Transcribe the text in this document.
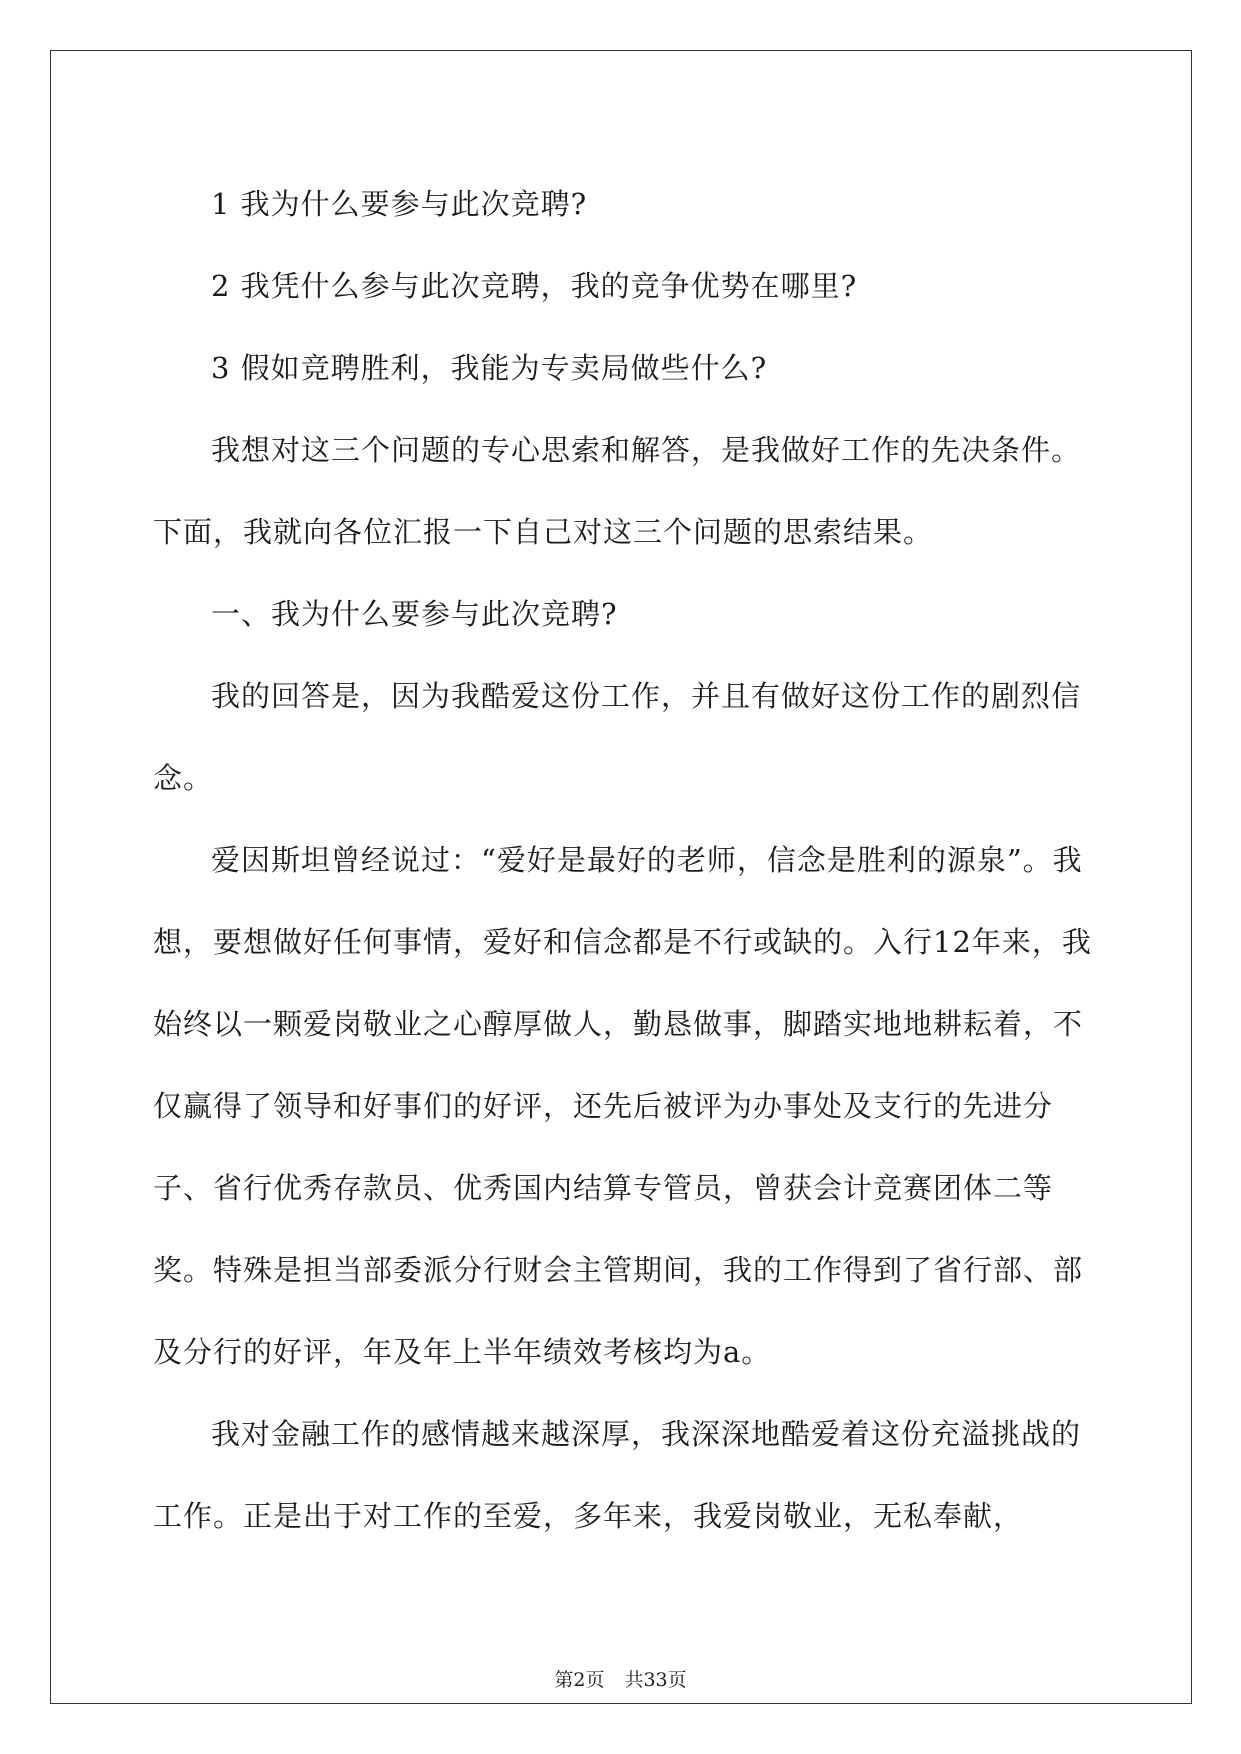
1 我为什么要参与此次竞聘?

2 我凭什么参与此次竞聘，我的竞争优势在哪里?

3 假如竞聘胜利，我能为专卖局做些什么?

我想对这三个问题的专心思索和解答，是我做好工作的先决条件。下面，我就向各位汇报一下自己对这三个问题的思索结果。

一、我为什么要参与此次竞聘?

我的回答是，因为我酷爱这份工作，并且有做好这份工作的剧烈信念。

爱因斯坦曾经说过：“爱好是最好的老师，信念是胜利的源泉”。我想，要想做好任何事情，爱好和信念都是不行或缺的。入行12年来，我始终以一颗爱岗敬业之心醇厚做人，勤恳做事，脚踏实地地耕耘着，不仅赢得了领导和好事们的好评，还先后被评为办事处及支行的先进分子、省行优秀存款员、优秀国内结算专管员，曾获会计竞赛团体二等奖。特殊是担当部委派分行财会主管期间，我的工作得到了省行部、部及分行的好评，年及年上半年绩效考核均为a。

我对金融工作的感情越来越深厚，我深深地酷爱着这份充溢挑战的工作。正是出于对工作的至爱，多年来，我爱岗敬业，无私奉献，

第2页 共33页
